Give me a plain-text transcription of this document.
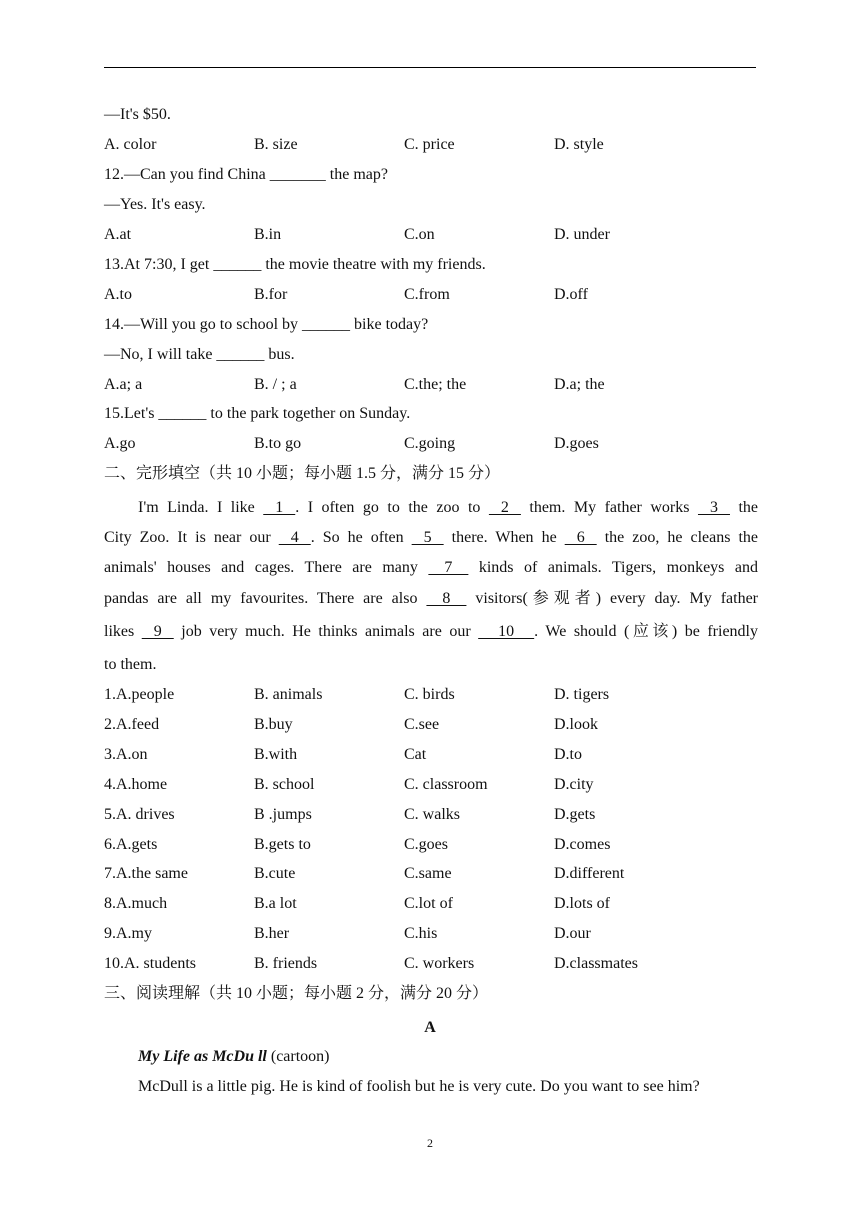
—It's $50.
A. color	B. size	C. price	D. style
12.—Can you find China _______ the map?
—Yes. It's easy.
A.at	B.in	C.on	D. under
13.At 7:30, I get ______ the movie theatre with my friends.
A.to	B.for	C.from	D.off
14.—Will you go to school by ______ bike today?
—No, I will take ______ bus.
A.a; a	B. / ; a	C.the; the	D.a; the
15.Let's ______ to the park together on Sunday.
A.go	B.to go	C.going	D.goes
二、完形填空（共 10 小题；每小题 1.5 分，满分 15 分）
I'm Linda. I like    1   . I often go to the zoo to    2    them. My father works    3    the
City Zoo. It is near our    4   . So he often    5    there. When he    6    the zoo, he cleans the
animals' houses and cages. There are many     7     kinds of animals. Tigers, monkeys and
pandas are all my favourites. There are also     8     visitors(参观者) every day. My father
likes    9    job very much. He thinks animals are our      10     . We should (应该) be friendly
to them.
1.A.people	B. animals	C. birds	D. tigers
2.A.feed	B.buy	C.see	D.look
3.A.on	B.with	Cat	D.to
4.A.home	B. school	C. classroom	D.city
5.A. drives	B .jumps	C. walks	D.gets
6.A.gets	B.gets to	C.goes	D.comes
7.A.the same	B.cute	C.same	D.different
8.A.much	B.a lot	C.lot of	D.lots of
9.A.my	B.her	C.his	D.our
10.A. students	B. friends	C. workers	D.classmates
三、阅读理解（共 10 小题；每小题 2 分，满分 20 分）
A
My Life as McDu ll (cartoon)
McDull is a little pig. He is kind of foolish but he is very cute. Do you want to see him?
2
